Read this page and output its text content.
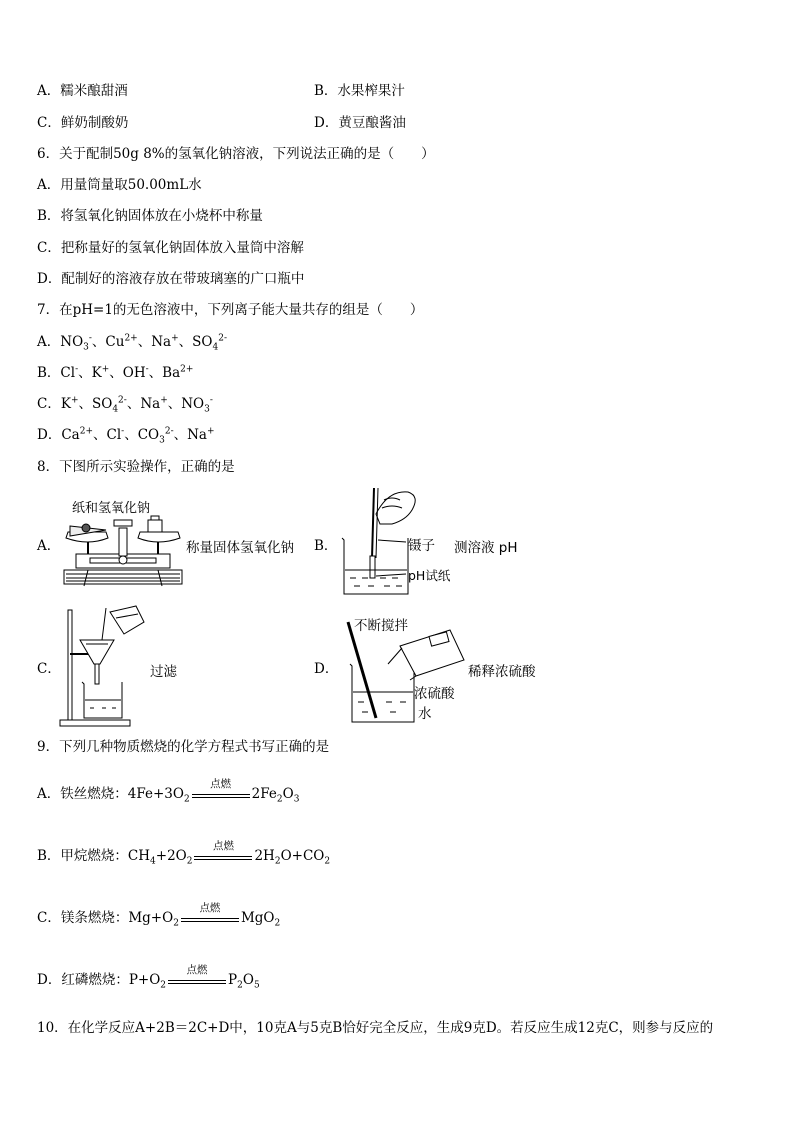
A．糯米酿甜酒	B．水果榨果汁
C．鲜奶制酸奶	D．黄豆酿酱油
6．关于配制50g 8%的氢氧化钠溶液，下列说法正确的是（　　）
A．用量筒量取50.00mL水
B．将氢氧化钠固体放在小烧杯中称量
C．把称量好的氢氧化钠固体放入量筒中溶解
D．配制好的溶液存放在带玻璃塞的广口瓶中
7．在pH=1的无色溶液中，下列离子能大量共存的组是（　　）
A．$NO_3^-$、$Cu^{2+}$、Na+、$SO_4^{2-}$
B．Cl-、K+、OH-、$Ba^{2+}$
C．K+、$SO_4^{2-}$、Na+、$NO_3^-$
D．$Ca^{2+}$、Cl-、$CO_3^{2-}$、Na+
8．下图所示实验操作，正确的是
A．
纸和氢氧化钠
称量固体氢氧化钠 B．	镊子
pH试纸
测溶液 pH
C．	过滤	D．
不断搅拌
稀释浓硫酸
浓硫酸
水
9．下列几种物质燃烧的化学方程式书写正确的是
A．铁丝燃烧：$4Fe+3O_2$
点燃
$2Fe_2O_3$
B．甲烷燃烧：$CH_4+2O_2$
点燃
$2H_2O+CO_2$
C．镁条燃烧：$Mg+O_2$
点燃
MgO$_2$
D．红磷燃烧：$P+O_2$
点燃
$P_2O_5$
10．在化学反应A+2B＝2C+D中，10克A与5克B恰好完全反应，生成9克D。若反应生成12克C，则参与反应的
